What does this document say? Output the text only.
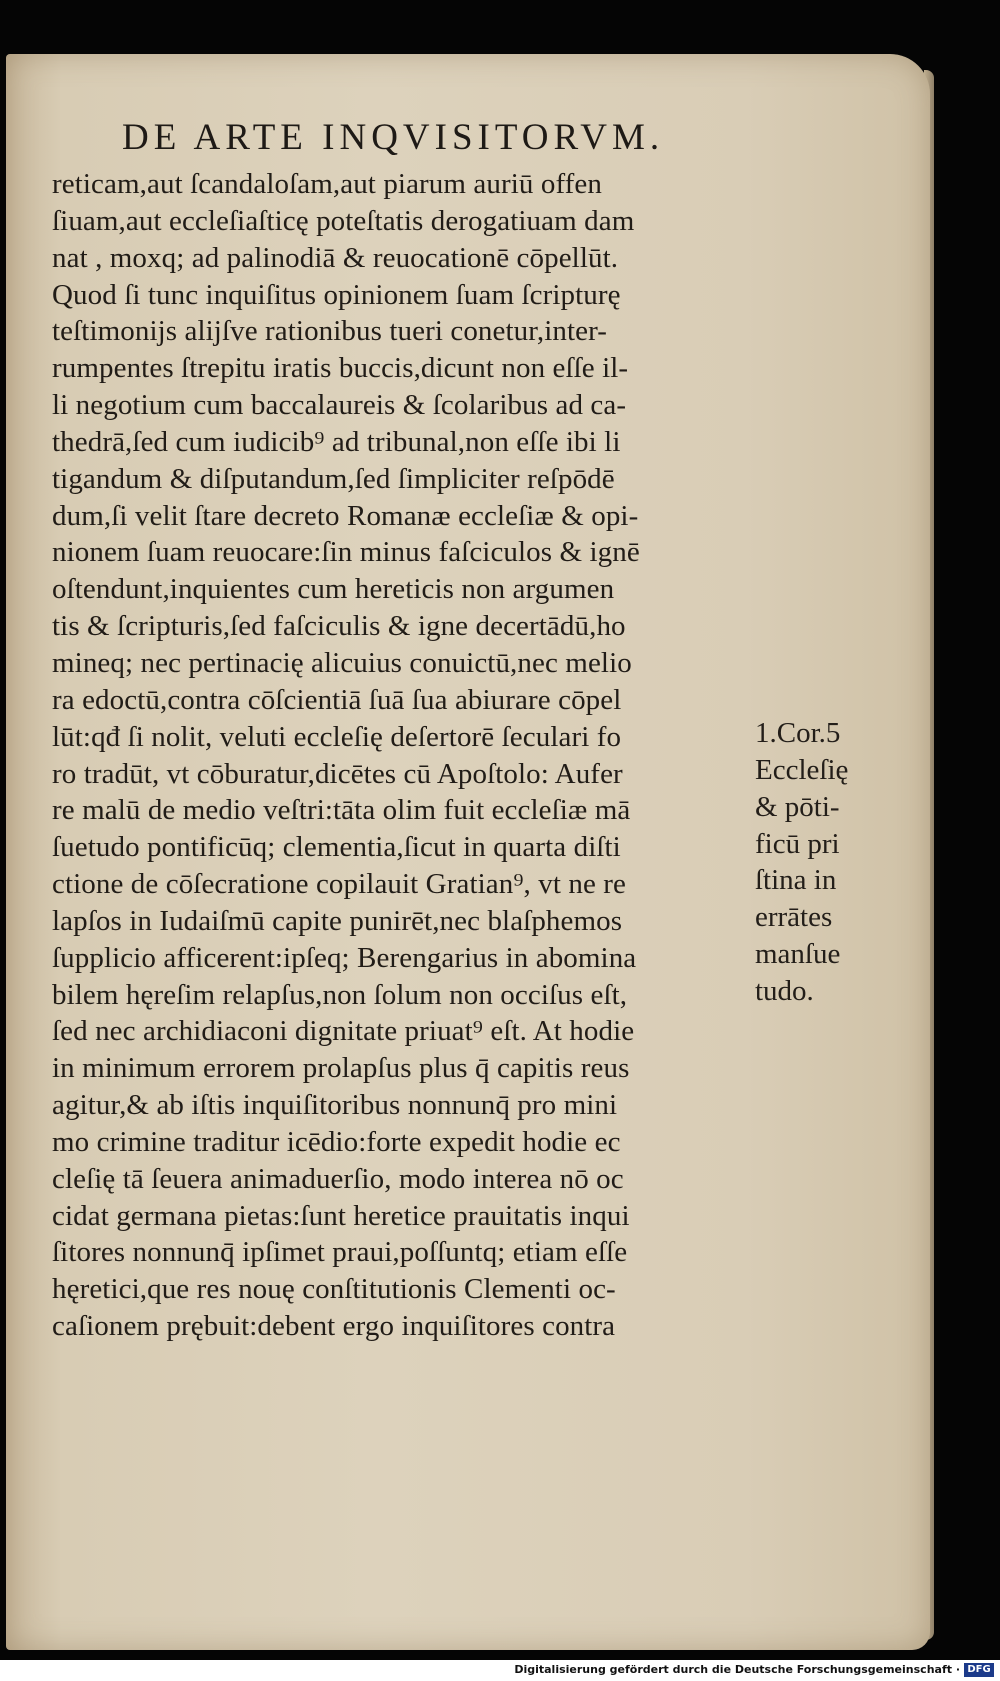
DE ARTE INQVISITORVM.
reticam,aut ſcandaloſam,aut piarum auriū offen
ſiuam,aut eccleſiaſticę poteſtatis derogatiuam dam
nat , moxq; ad palinodiā & reuocationē cōpellūt.
Quod ſi tunc inquiſitus opinionem ſuam ſcripturę
teſtimonijs alijſve rationibus tueri conetur,inter-
rumpentes ſtrepitu iratis buccis,dicunt non eſſe il-
li negotium cum baccalaureis & ſcolaribus ad ca-
thedrā,ſed cum iudicib⁹ ad tribunal,non eſſe ibi li
tigandum & diſputandum,ſed ſimpliciter reſpōdē
dum,ſi velit ſtare decreto Romanæ eccleſiæ & opi-
nionem ſuam reuocare:ſin minus faſciculos & ignē
oſtendunt,inquientes cum hereticis non argumen
tis & ſcripturis,ſed faſciculis & igne decertādū,ho
mineq; nec pertinacię alicuius conuictū,nec melio
ra edoctū,contra cōſcientiā ſuā ſua abiurare cōpel
lūt:qđ ſi nolit, veluti eccleſię deſertorē ſeculari fo
ro tradūt, vt cōburatur,dicētes cū Apoſtolo: Aufer
re malū de medio veſtri:tāta olim fuit eccleſiæ mā
ſuetudo pontificūq; clementia,ſicut in quarta diſti
ctione de cōſecratione copilauit Gratian⁹, vt ne re
lapſos in Iudaiſmū capite punirēt,nec blaſphemos
ſupplicio afficerent:ipſeq; Berengarius in abomina
bilem hęreſim relapſus,non ſolum non occiſus eſt,
ſed nec archidiaconi dignitate priuat⁹ eſt. At hodie
in minimum errorem prolapſus plus q̄ capitis reus
agitur,& ab iſtis inquiſitoribus nonnunq̄ pro mini
mo crimine traditur icēdio:forte expedit hodie ec
cleſię tā ſeuera animaduerſio, modo interea nō oc
cidat germana pietas:ſunt heretice prauitatis inqui
ſitores nonnunq̄ ipſimet praui,poſſuntq; etiam eſſe
hęretici,que res nouę conſtitutionis Clementi oc-
caſionem prębuit:debent ergo inquiſitores contra
1.Cor.5
Eccleſię
& pōti-
ficū pri
ſtina in
errātes
manſue
tudo.
Digitalisierung gefördert durch die Deutsche Forschungsgemeinschaft · DFG
